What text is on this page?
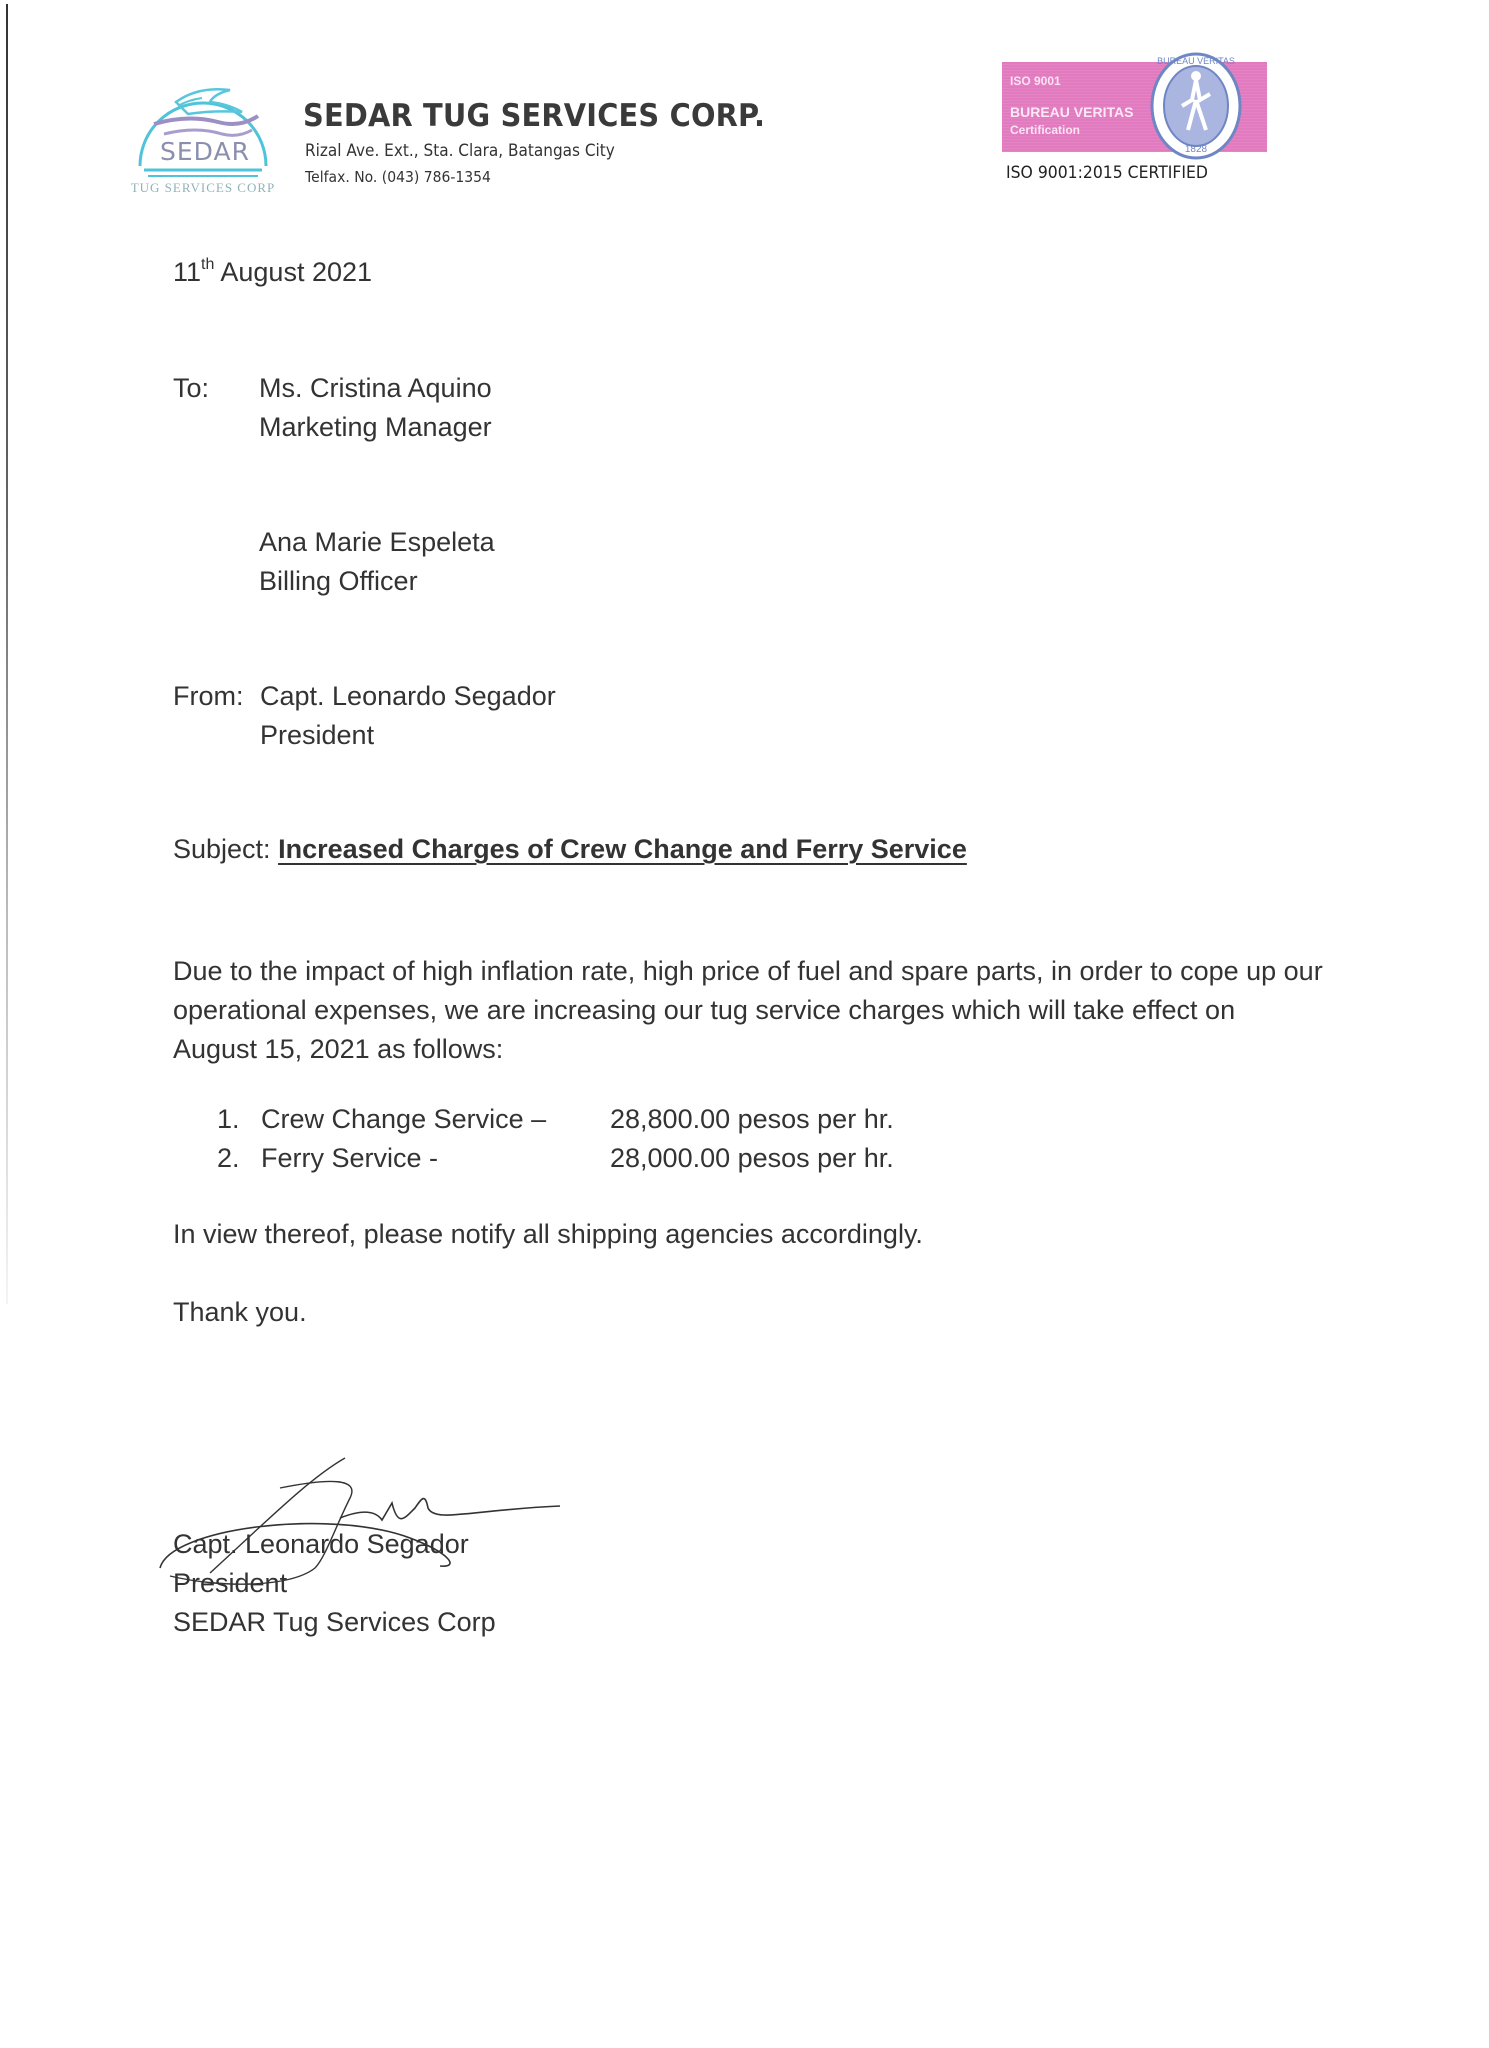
SEDAR
TUG SERVICES CORP
SEDAR TUG SERVICES CORP.
Rizal Ave. Ext., Sta. Clara, Batangas City
Telfax. No. (043) 786-1354
ISO 9001
BUREAU VERITAS
Certification
1828
BUREAU VERITAS
ISO 9001:2015 CERTIFIED
11th August 2021
To: Ms. Cristina Aquino
Marketing Manager
Ana Marie Espeleta
Billing Officer
From: Capt. Leonardo Segador
President
Subject: Increased Charges of Crew Change and Ferry Service
Due to the impact of high inflation rate, high price of fuel and spare parts, in order to cope up our operational expenses, we are increasing our tug service charges which will take effect on August 15, 2021 as follows:
1. Crew Change Service – 28,800.00 pesos per hr.
2. Ferry Service -	28,000.00 pesos per hr.
In view thereof, please notify all shipping agencies accordingly.
Thank you.
Capt. Leonardo Segador
President
SEDAR Tug Services Corp
